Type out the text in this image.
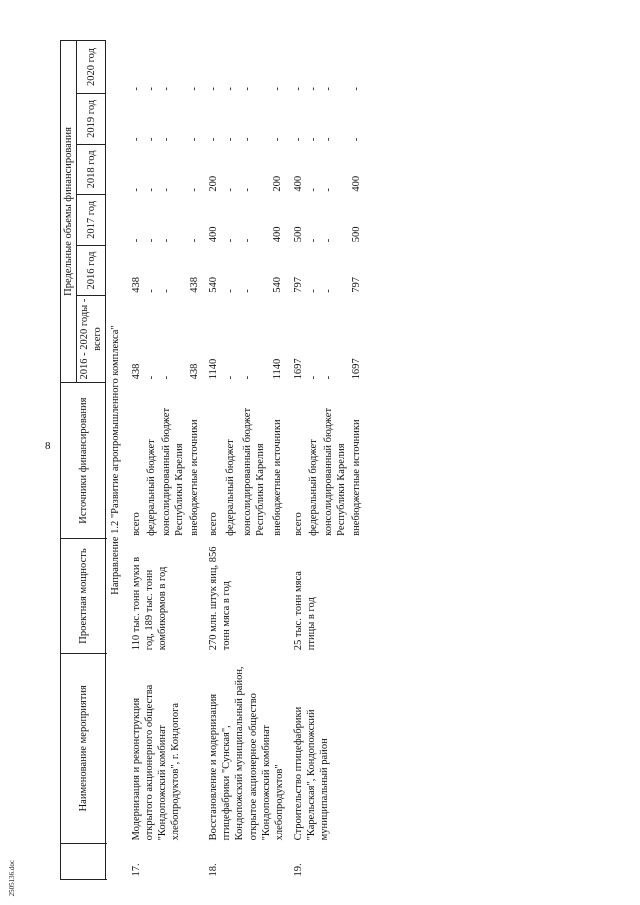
8
2505136.doc
	Наименование мероприятия	Проектная мощность	Источники финансирования	Предельные объемы финансирования					
				2016 - 2020 годы - всего	2016 год	2017 год	2018 год	2019 год	2020 год

Направление 1.2 "Развитие агропромышленного комплекса"									
17.	Модернизация и реконструкция открытого акционерного общества "Кондопожский комбинат хлебопродуктов", г. Кондопога	110 тыс. тонн муки в год, 189 тыс. тонн комбикормов в год	всего	438	438	-	-	-	-
			федеральный бюджет	-	-	-	-	-	-
			консолидированный бюджет Республики Карелия	-	-	-	-	-	-
			внебюджетные источники	438	438	-	-	-	-
18.	Восстановление и модернизация птицефабрики "Сунская", Кондопожский муниципальный район, открытое акционерное общество "Кондопожский комбинат хлебопродуктов"	270 млн. штук яиц, 856 тонн мяса в год	всего	1140	540	400	200	-	-
			федеральный бюджет	-	-	-	-	-	-
			консолидированный бюджет Республики Карелия	-	-	-	-	-	-
			внебюджетные источники	1140	540	400	200	-	-
19.	Строительство птицефабрики "Карельская", Кондопожский муниципальный район	25 тыс. тонн мяса птицы в год	всего	1697	797	500	400	-	-
			федеральный бюджет	-	-	-	-	-	-
			консолидированный бюджет Республики Карелия	-	-	-	-	-	-
			внебюджетные источники	1697	797	500	400	-	-
